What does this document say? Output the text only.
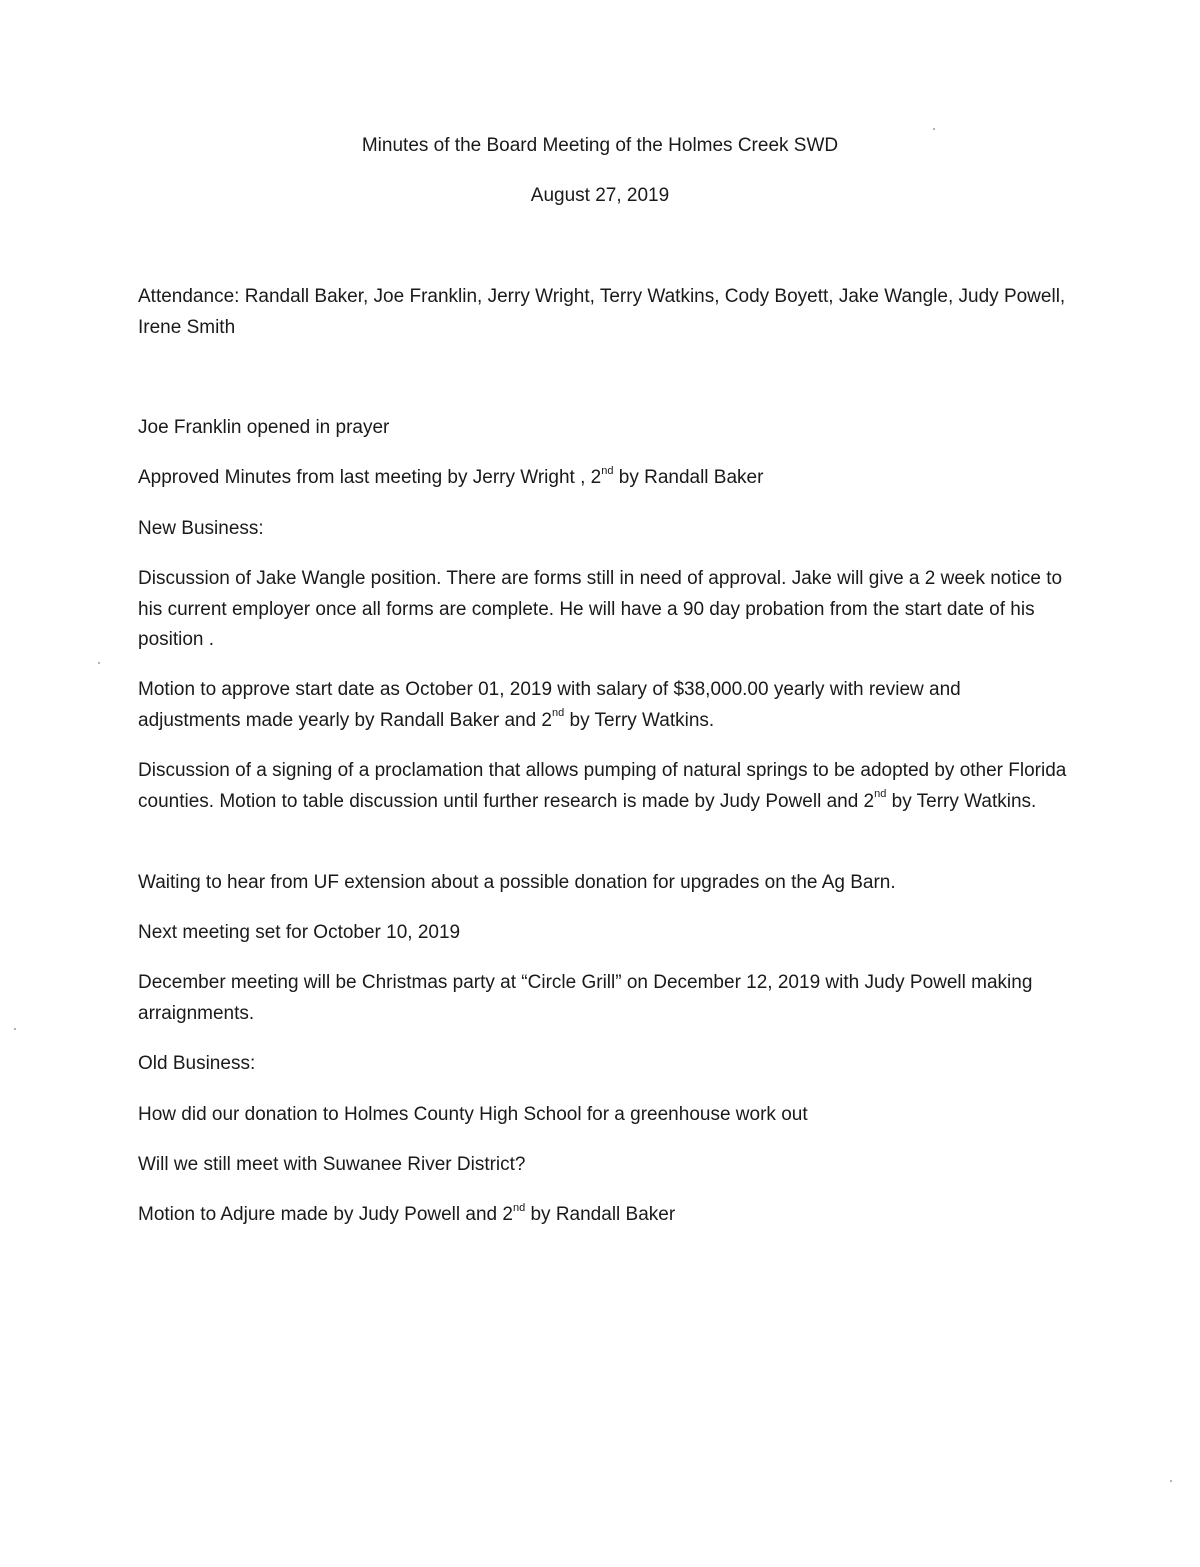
Minutes of the Board Meeting of the Holmes Creek SWD
August 27, 2019

Attendance: Randall Baker, Joe Franklin, Jerry Wright, Terry Watkins, Cody Boyett, Jake Wangle, Judy Powell, Irene Smith

Joe Franklin opened in prayer

Approved Minutes from last meeting by Jerry Wright , 2nd by Randall Baker

New Business:

Discussion of Jake Wangle position. There are forms still in need of approval. Jake will give a 2 week notice to his current employer once all forms are complete. He will have a 90 day probation from the start date of his position .

Motion to approve start date as October 01, 2019 with salary of $38,000.00 yearly with review and adjustments made yearly by Randall Baker and 2nd by Terry Watkins.

Discussion of a signing of a proclamation that allows pumping of natural springs to be adopted by other Florida counties. Motion to table discussion until further research is made by Judy Powell and 2nd by Terry Watkins.

Waiting to hear from UF extension about a possible donation for upgrades on the Ag Barn.

Next meeting set for October 10, 2019

December meeting will be Christmas party at “Circle Grill” on December 12, 2019 with Judy Powell making arraignments.

Old Business:

How did our donation to Holmes County High School for a greenhouse work out

Will we still meet with Suwanee River District?

Motion to Adjure made by Judy Powell and 2nd by Randall Baker
